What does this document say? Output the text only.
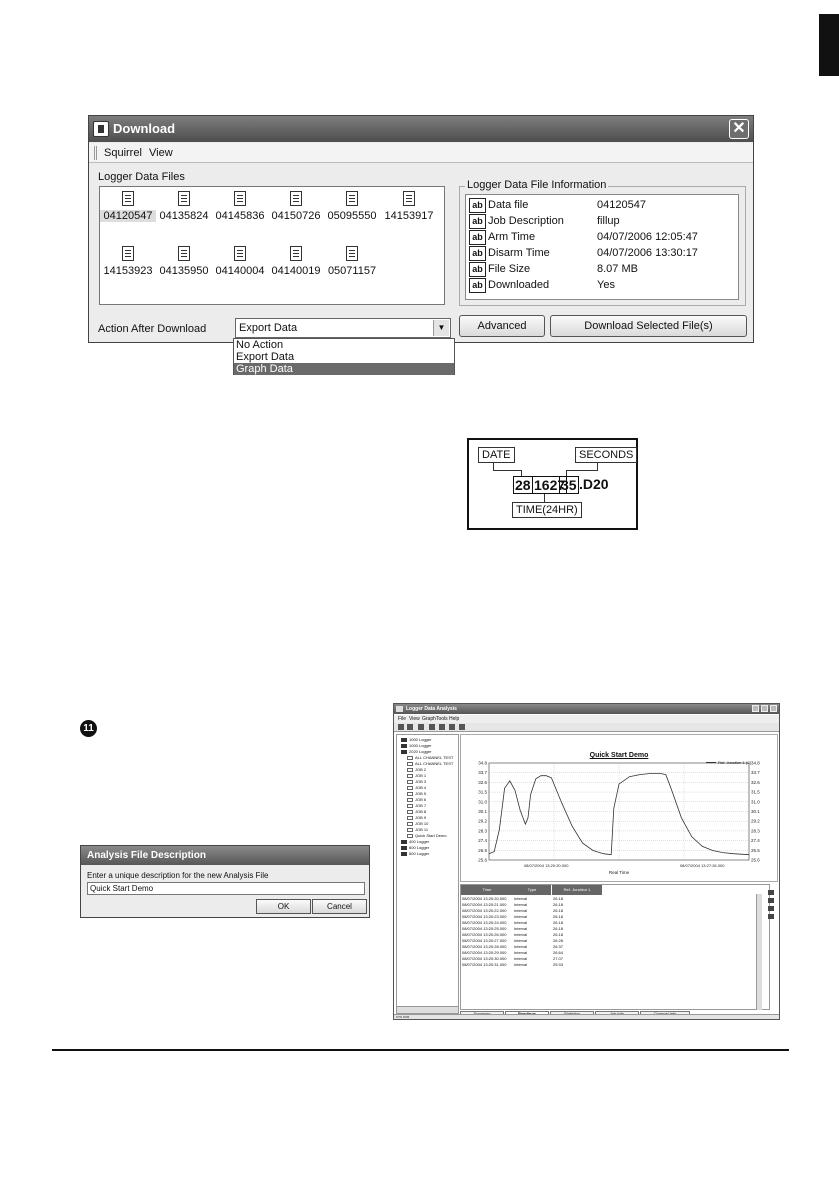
Download	✕
Squirrel View
Logger Data Files
04120547 04135824 04145836 04150726 05095550 14153917
14153923 04135950 04140004 04140019 05071157
Logger Data File Information
ab Data file	04120547
ab Job Description	fillup
ab Arm Time	04/07/2006 12:05:47
ab Disarm Time	04/07/2006 13:30:17
ab File Size	8.07 MB
ab Downloaded	Yes
Action After Download	Export Data	▼	Advanced	Download Selected File(s)
No Action
Export Data
Graph Data
DATE	SECONDS
28 1627
35 .D20
TIME(24HR)
11
Analysis File Description
Enter a unique description for the new Analysis File
Quick Start Demo
OK	Cancel
Logger Data Analysis
File View Graph Tools Help
1000 Logger
1000 Logger
2020 Logger
ALL CHANNEL TEST
ALL CHANNEL TEST
JOB 2
JOB 1
JOB 3
JOB 4
JOB 5
JOB 6
JOB 7
JOB 8
JOB 9
JOB 10
JOB 11
Quick Start Demo
400 Logger
600 Logger
800 Logger
34.8	34.8
33.7	33.7
32.6	32.6
31.5	31.5
31.0	31.0
30.1	30.1
29.2	29.2
28.3	28.3
27.4	27.4
26.5	26.5
25.6	25.6
08/07/2004 13:20:20.000	08/07/2004 13:27:26.000
Real Time
Quick Start Demo
Ref. Junction 1 (C)
Time	Type	Ref. Junction 1
08/07/2004 13:20:20.000	Interval	26.18
08/07/2004 13:20:21.000	Interval	26.18
08/07/2004 13:20:22.000	Interval	26.18
08/07/2004 13:20:23.000	Interval	26.18
08/07/2004 13:20:24.000	Interval	26.18
08/07/2004 13:20:25.000	Interval	26.18
08/07/2004 13:20:26.000	Interval	26.18
08/07/2004 13:20:27.000	Interval	26.28
08/07/2004 13:20:28.000	Interval	26.37
08/07/2004 13:20:29.000	Interval	26.64
08/07/2004 13:20:30.000	Interval	27.07
08/07/2004 13:20:31.000	Interval	25.93
CTS OVR
